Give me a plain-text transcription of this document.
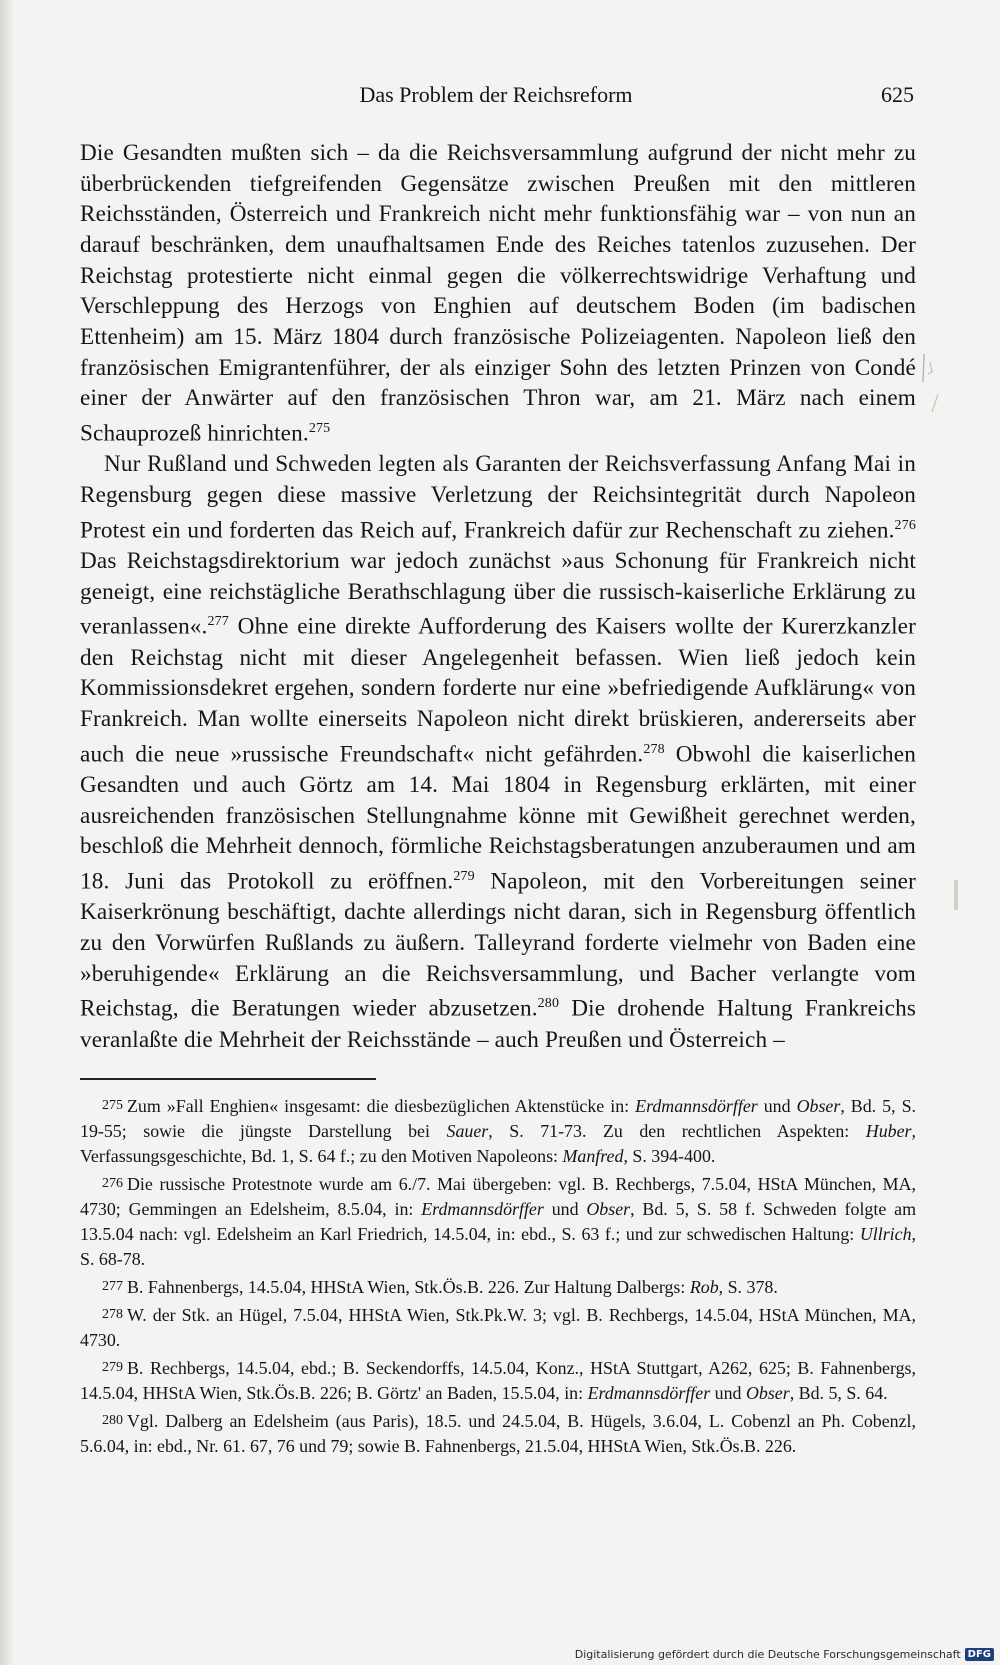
Das Problem der Reichsreform	625

Die Gesandten mußten sich – da die Reichsversammlung aufgrund der nicht mehr zu überbrückenden tiefgreifenden Gegensätze zwischen Preußen mit den mittleren Reichsständen, Österreich und Frankreich nicht mehr funktionsfähig war – von nun an darauf beschränken, dem unaufhaltsamen Ende des Reiches tatenlos zuzusehen. Der Reichstag protestierte nicht einmal gegen die völkerrechtswidrige Verhaftung und Verschleppung des Herzogs von Enghien auf deutschem Boden (im badischen Ettenheim) am 15. März 1804 durch französische Polizeiagenten. Napoleon ließ den französischen Emigrantenführer, der als einziger Sohn des letzten Prinzen von Condé einer der Anwärter auf den französischen Thron war, am 21. März nach einem Schauprozeß hinrichten.$^{275}$

Nur Rußland und Schweden legten als Garanten der Reichsverfassung Anfang Mai in Regensburg gegen diese massive Verletzung der Reichsintegrität durch Napoleon Protest ein und forderten das Reich auf, Frankreich dafür zur Rechenschaft zu ziehen.$^{276}$ Das Reichstagsdirektorium war jedoch zunächst »aus Schonung für Frankreich nicht geneigt, eine reichstägliche Berathschlagung über die russisch-kaiserliche Erklärung zu veranlassen«.$^{277}$ Ohne eine direkte Aufforderung des Kaisers wollte der Kurerzkanzler den Reichstag nicht mit dieser Angelegenheit befassen. Wien ließ jedoch kein Kommissionsdekret ergehen, sondern forderte nur eine »befriedigende Aufklärung« von Frankreich. Man wollte einerseits Napoleon nicht direkt brüskieren, andererseits aber auch die neue »russische Freundschaft« nicht gefährden.$^{278}$ Obwohl die kaiserlichen Gesandten und auch Görtz am 14. Mai 1804 in Regensburg erklärten, mit einer ausreichenden französischen Stellungnahme könne mit Gewißheit gerechnet werden, beschloß die Mehrheit dennoch, förmliche Reichstagsberatungen anzuberaumen und am 18. Juni das Protokoll zu eröffnen.$^{279}$ Napoleon, mit den Vorbereitungen seiner Kaiserkrönung beschäftigt, dachte allerdings nicht daran, sich in Regensburg öffentlich zu den Vorwürfen Rußlands zu äußern. Talleyrand forderte vielmehr von Baden eine »beruhigende« Erklärung an die Reichsversammlung, und Bacher verlangte vom Reichstag, die Beratungen wieder abzusetzen.$^{280}$ Die drohende Haltung Frankreichs veranlaßte die Mehrheit der Reichsstände – auch Preußen und Österreich –

275 Zum »Fall Enghien« insgesamt: die diesbezüglichen Aktenstücke in: Erdmannsdörffer und Obser, Bd. 5, S. 19-55; sowie die jüngste Darstellung bei Sauer, S. 71-73. Zu den rechtlichen Aspekten: Huber, Verfassungsgeschichte, Bd. 1, S. 64 f.; zu den Motiven Napoleons: Manfred, S. 394-400.

276 Die russische Protestnote wurde am 6./7. Mai übergeben: vgl. B. Rechbergs, 7.5.04, HStA München, MA, 4730; Gemmingen an Edelsheim, 8.5.04, in: Erdmannsdörffer und Obser, Bd. 5, S. 58 f. Schweden folgte am 13.5.04 nach: vgl. Edelsheim an Karl Friedrich, 14.5.04, in: ebd., S. 63 f.; und zur schwedischen Haltung: Ullrich, S. 68-78.

277 B. Fahnenbergs, 14.5.04, HHStA Wien, Stk.Ös.B. 226. Zur Haltung Dalbergs: Rob, S. 378.

278 W. der Stk. an Hügel, 7.5.04, HHStA Wien, Stk.Pk.W. 3; vgl. B. Rechbergs, 14.5.04, HStA München, MA, 4730.

279 B. Rechbergs, 14.5.04, ebd.; B. Seckendorffs, 14.5.04, Konz., HStA Stuttgart, A262, 625; B. Fahnenbergs, 14.5.04, HHStA Wien, Stk.Ös.B. 226; B. Görtz' an Baden, 15.5.04, in: Erdmannsdörffer und Obser, Bd. 5, S. 64.

280 Vgl. Dalberg an Edelsheim (aus Paris), 18.5. und 24.5.04, B. Hügels, 3.6.04, L. Cobenzl an Ph. Cobenzl, 5.6.04, in: ebd., Nr. 61. 67, 76 und 79; sowie B. Fahnenbergs, 21.5.04, HHStA Wien, Stk.Ös.B. 226.

Digitalisierung gefördert durch die Deutsche Forschungsgemeinschaft DFG
